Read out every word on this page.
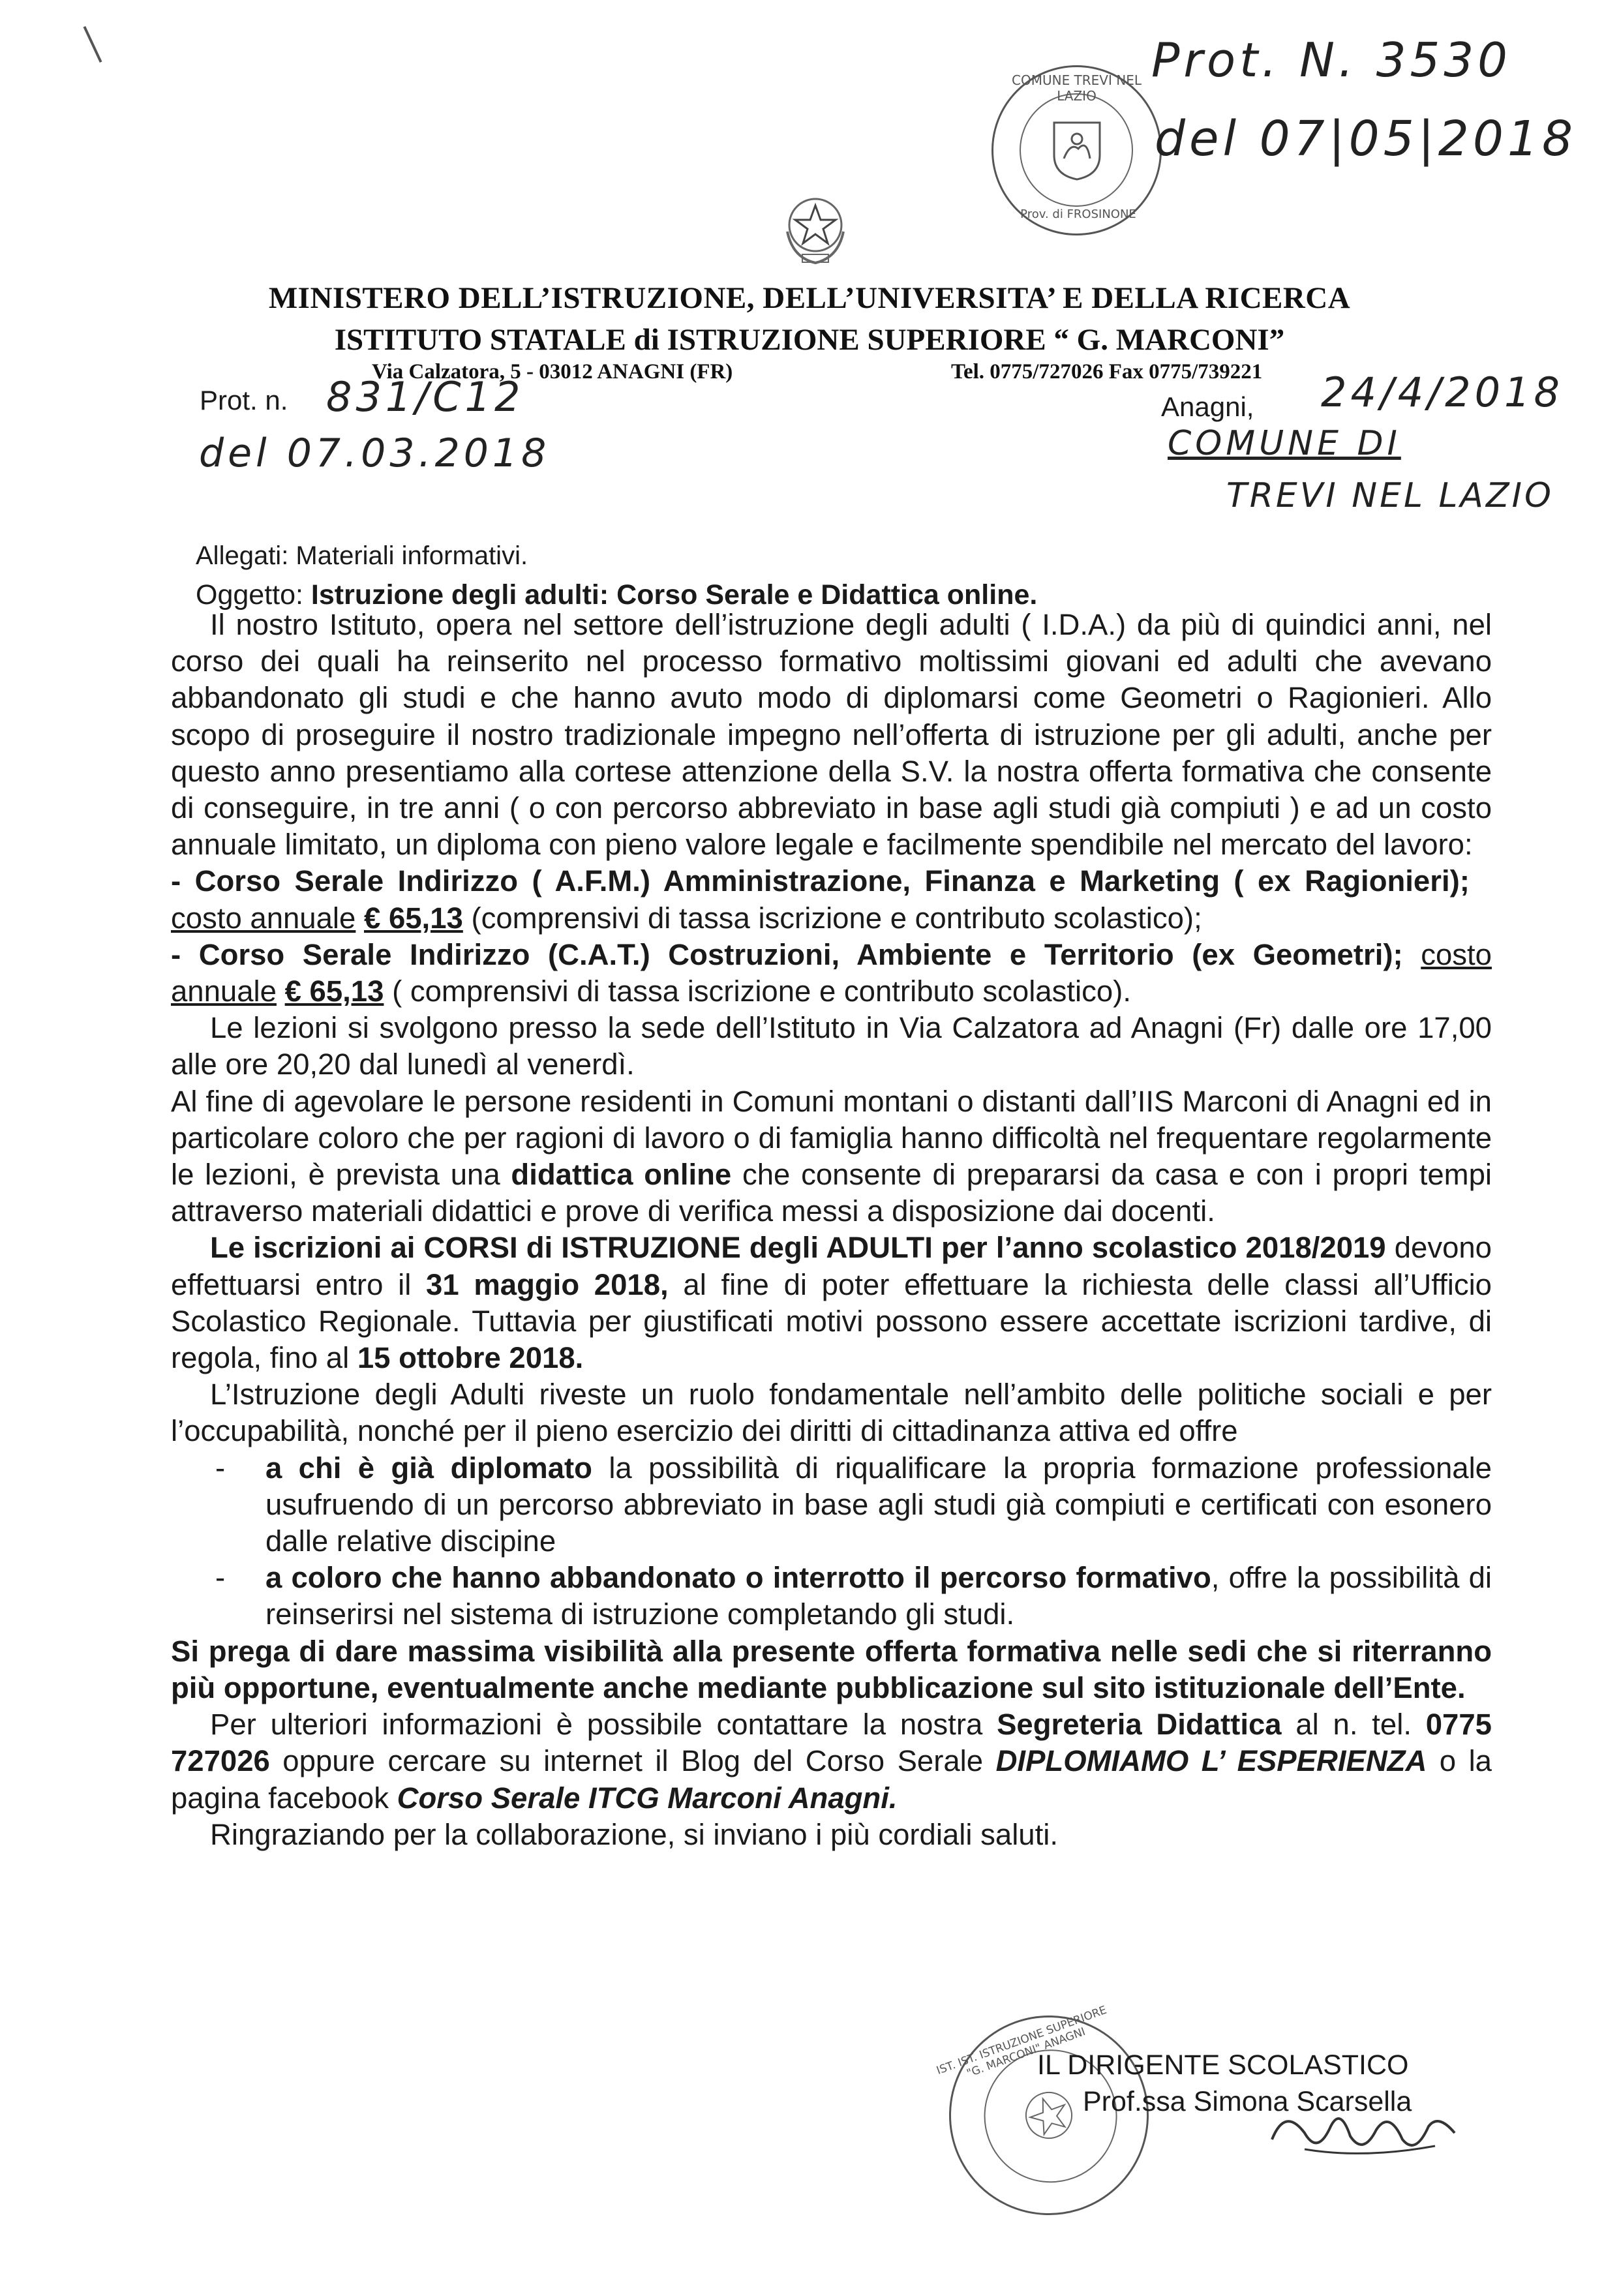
COMUNE TREVI NEL LAZIO
Prov. di FROSINONE
Prot. N. 3530
del 07|05|2018
MINISTERO DELL’ISTRUZIONE, DELL’UNIVERSITA’ E DELLA RICERCA
ISTITUTO STATALE di ISTRUZIONE SUPERIORE “ G. MARCONI”
Via Calzatora, 5 - 03012 ANAGNI (FR)	Tel. 0775/727026 Fax 0775/739221
Prot. n. 831/C12
del 07.03.2018
Anagni, 24/4/2018
COMUNE DI
TREVI NEL LAZIO
Allegati: Materiali informativi.
Oggetto: Istruzione degli adulti: Corso Serale e Didattica online.

Il nostro Istituto, opera nel settore dell’istruzione degli adulti ( I.D.A.) da più di quindici anni, nel corso dei quali ha reinserito nel processo formativo moltissimi giovani ed adulti che avevano abbandonato gli studi e che hanno avuto modo di diplomarsi come Geometri o Ragionieri. Allo scopo di proseguire il nostro tradizionale impegno nell’offerta di istruzione per gli adulti, anche per questo anno presentiamo alla cortese attenzione della S.V. la nostra offerta formativa che consente di conseguire, in tre anni ( o con percorso abbreviato in base agli studi già compiuti ) e ad un costo annuale limitato, un diploma con pieno valore legale e facilmente spendibile nel mercato del lavoro:

- Corso Serale Indirizzo ( A.F.M.) Amministrazione, Finanza e Marketing ( ex Ragionieri);   costo annuale € 65,13 (comprensivi di tassa iscrizione e contributo scolastico);

- Corso Serale Indirizzo (C.A.T.) Costruzioni, Ambiente e Territorio (ex Geometri); costo annuale € 65,13 ( comprensivi di tassa iscrizione e contributo scolastico).

Le lezioni si svolgono presso la sede dell’Istituto in Via Calzatora ad Anagni (Fr) dalle ore 17,00 alle ore 20,20 dal lunedì al venerdì.

Al fine di agevolare le persone residenti in Comuni montani o distanti dall’IIS Marconi di Anagni ed in particolare coloro che per ragioni di lavoro o di famiglia hanno difficoltà nel frequentare regolarmente le lezioni, è prevista una didattica online che consente di prepararsi da casa e con i propri tempi attraverso materiali didattici e prove di verifica messi a disposizione dai docenti.

Le iscrizioni ai CORSI di ISTRUZIONE degli ADULTI per l’anno scolastico 2018/2019 devono effettuarsi entro il 31 maggio 2018, al fine di poter effettuare la richiesta delle classi all’Ufficio Scolastico Regionale. Tuttavia per giustificati motivi possono essere accettate iscrizioni tardive, di regola, fino al 15 ottobre 2018.

L’Istruzione degli Adulti riveste un ruolo fondamentale nell’ambito delle politiche sociali e per l’occupabilità, nonché per il pieno esercizio dei diritti di cittadinanza attiva ed offre

- a chi è già diplomato la possibilità di riqualificare la propria formazione professionale usufruendo di un percorso abbreviato in base agli studi già compiuti e certificati con esonero dalle relative discipine

- a coloro che hanno abbandonato o interrotto il percorso formativo, offre la possibilità di reinserirsi nel sistema di istruzione completando gli studi.

Si prega di dare massima visibilità alla presente offerta formativa nelle sedi che si riterranno più opportune, eventualmente anche mediante pubblicazione sul sito istituzionale dell’Ente.

Per ulteriori informazioni è possibile contattare la nostra Segreteria Didattica al n. tel. 0775 727026 oppure cercare su internet il Blog del Corso Serale DIPLOMIAMO L’ ESPERIENZA o la pagina facebook Corso Serale ITCG Marconi Anagni.

Ringraziando per la collaborazione, si inviano i più cordiali saluti.

IST. IST. ISTRUZIONE SUPERIORE "G. MARCONI" ANAGNI
IL DIRIGENTE SCOLASTICO
Prof.ssa Simona Scarsella
